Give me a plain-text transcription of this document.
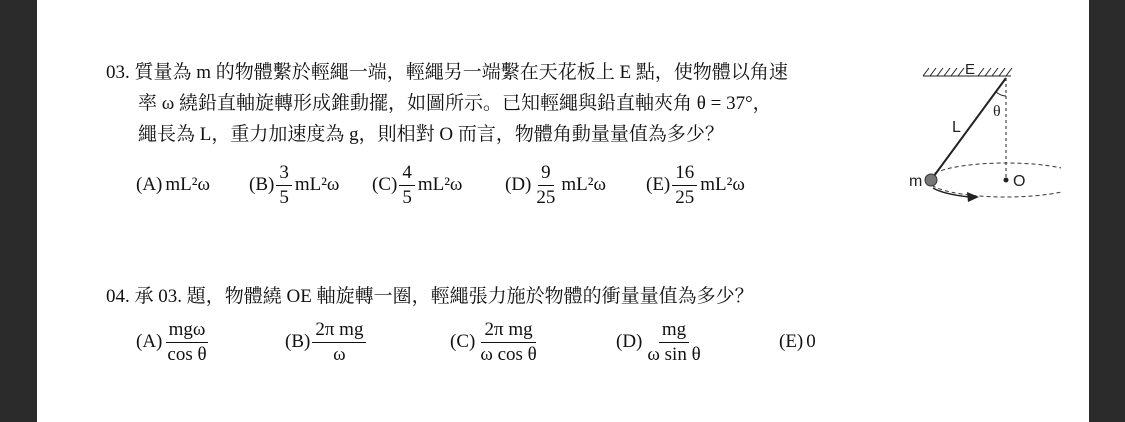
03. 質量為 m 的物體繫於輕繩一端，輕繩另一端繫在天花板上 E 點，使物體以角速
率 ω 繞鉛直軸旋轉形成錐動擺，如圖所示。已知輕繩與鉛直軸夾角 θ = 37°，
繩長為 L，重力加速度為 g，則相對 O 而言，物體角動量量值為多少？
(A) mL²ω $(B) \frac{3}{5} mL^2\omega$ $(C) \frac{4}{5} mL^2\omega$ $(D) \frac{9}{25} mL^2\omega$ $(E) \frac{16}{25} mL^2\omega$
E
θ
L
m	O
04. 承 03. 題，物體繞 OE 軸旋轉一圈，輕繩張力施於物體的衝量量值為多少？
$(A) \frac{\text{mgω}}{\text{cos θ}}$	$(B) \frac{\text{2π mg}}{\omega}$	$(C) \frac{\text{2π mg}}{\text{ω cos θ}}$	$(D) \frac{mg}{\text{ω sin θ}}$	(E) 0
